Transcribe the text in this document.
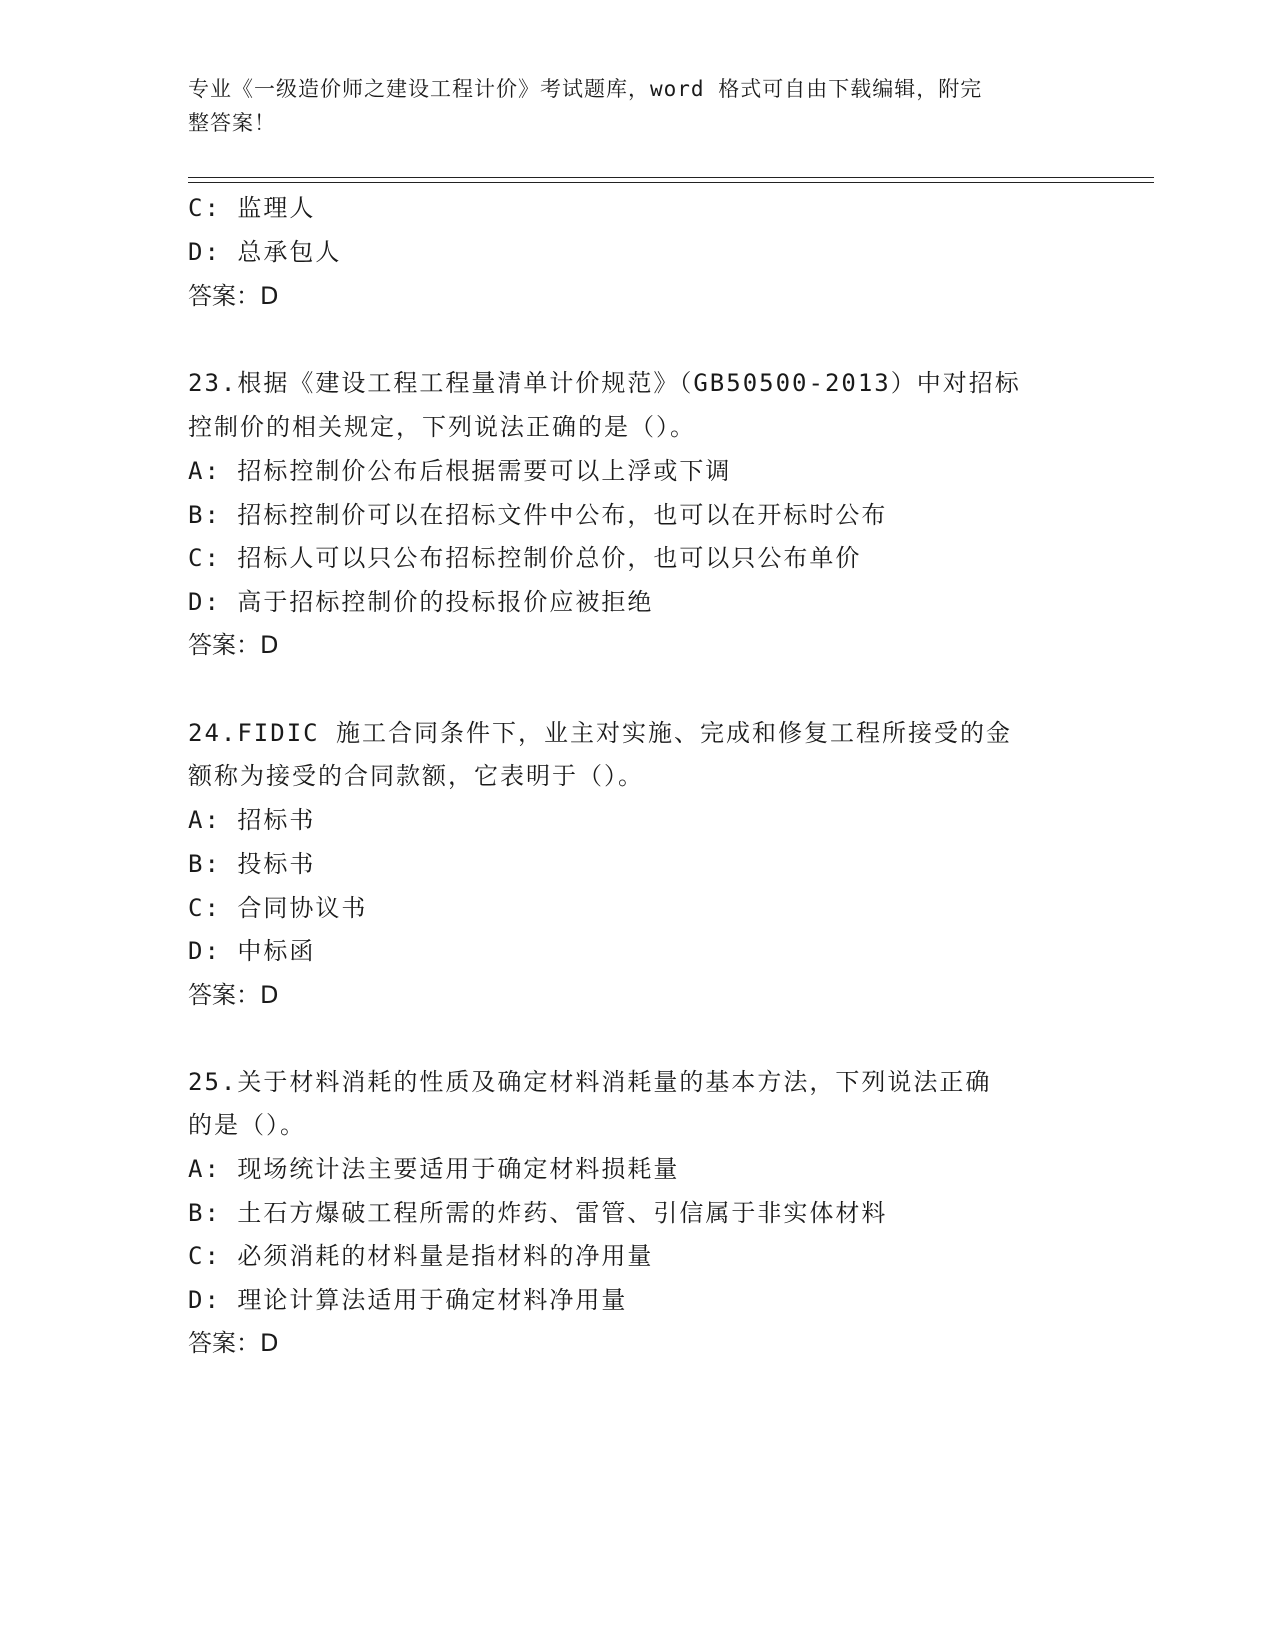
专业《一级造价师之建设工程计价》考试题库，word 格式可自由下载编辑，附完
整答案！
C: 监理人
D: 总承包人
答案：D
23.根据《建设工程工程量清单计价规范》（GB50500-2013）中对招标
控制价的相关规定，下列说法正确的是（）。
A: 招标控制价公布后根据需要可以上浮或下调
B: 招标控制价可以在招标文件中公布，也可以在开标时公布
C: 招标人可以只公布招标控制价总价，也可以只公布单价
D: 高于招标控制价的投标报价应被拒绝
答案：D
24.FIDIC 施工合同条件下，业主对实施、完成和修复工程所接受的金
额称为接受的合同款额，它表明于（）。
A: 招标书
B: 投标书
C: 合同协议书
D: 中标函
答案：D
25.关于材料消耗的性质及确定材料消耗量的基本方法，下列说法正确
的是（）。
A: 现场统计法主要适用于确定材料损耗量
B: 土石方爆破工程所需的炸药、雷管、引信属于非实体材料
C: 必须消耗的材料量是指材料的净用量
D: 理论计算法适用于确定材料净用量
答案：D
